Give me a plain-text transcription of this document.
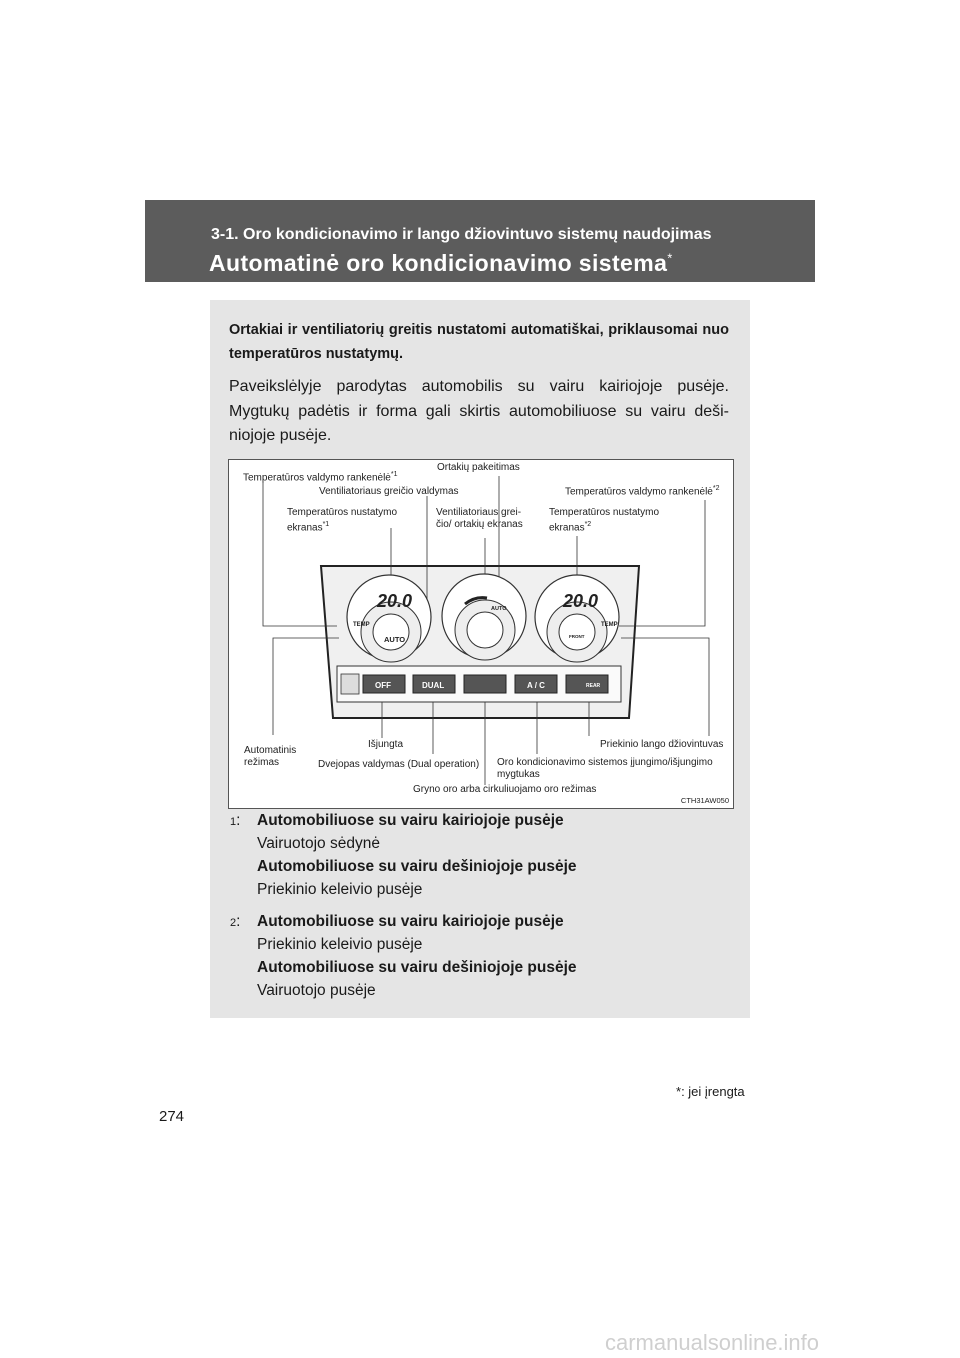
3-1. Oro kondicionavimo ir lango džiovintuvo sistemų naudojimas
Automatinė oro kondicionavimo sistema*
Ortakiai ir ventiliatorių greitis nustatomi automatiškai, priklausomai nuo temperatūros nustatymų.
Paveikslėlyje parodytas automobilis su vairu kairiojoje pusėje. Mygtukų padėtis ir forma gali skirtis automobiliuose su vairu deši-niojoje pusėje.
20.0
TEMP
AUTO
AUTO	20.0
TEMP
FRONT
OFF	DUAL	A / C	REAR
Temperatūros valdymo rankenėlė$^{*1}$
Ortakių pakeitimas
Ventiliatoriaus greičio valdymas	Temperatūros valdymo rankenėlė$^{*2}$
Temperatūros nustatymo
ekranas$^{*1}$
Ventiliatoriaus grei-
čio/ ortakių ekranas
Temperatūros nustatymo
ekranas$^{*2}$
Automatinis
režimas
Išjungta
Dvejopas valdymas (Dual operation)
Priekinio lango džiovintuvas
Oro kondicionavimo sistemos įjungimo/išjungimo
mygtukas
Gryno oro arba cirkuliuojamo oro režimas
CTH31AW050
1: Automobiliuose su vairu kairiojoje pusėje
Vairuotojo sėdynė
Automobiliuose su vairu dešiniojoje pusėje
Priekinio keleivio pusėje
2: Automobiliuose su vairu kairiojoje pusėje
Priekinio keleivio pusėje
Automobiliuose su vairu dešiniojoje pusėje
Vairuotojo pusėje
274
*: jei įrengta
carmanualsonline.info
